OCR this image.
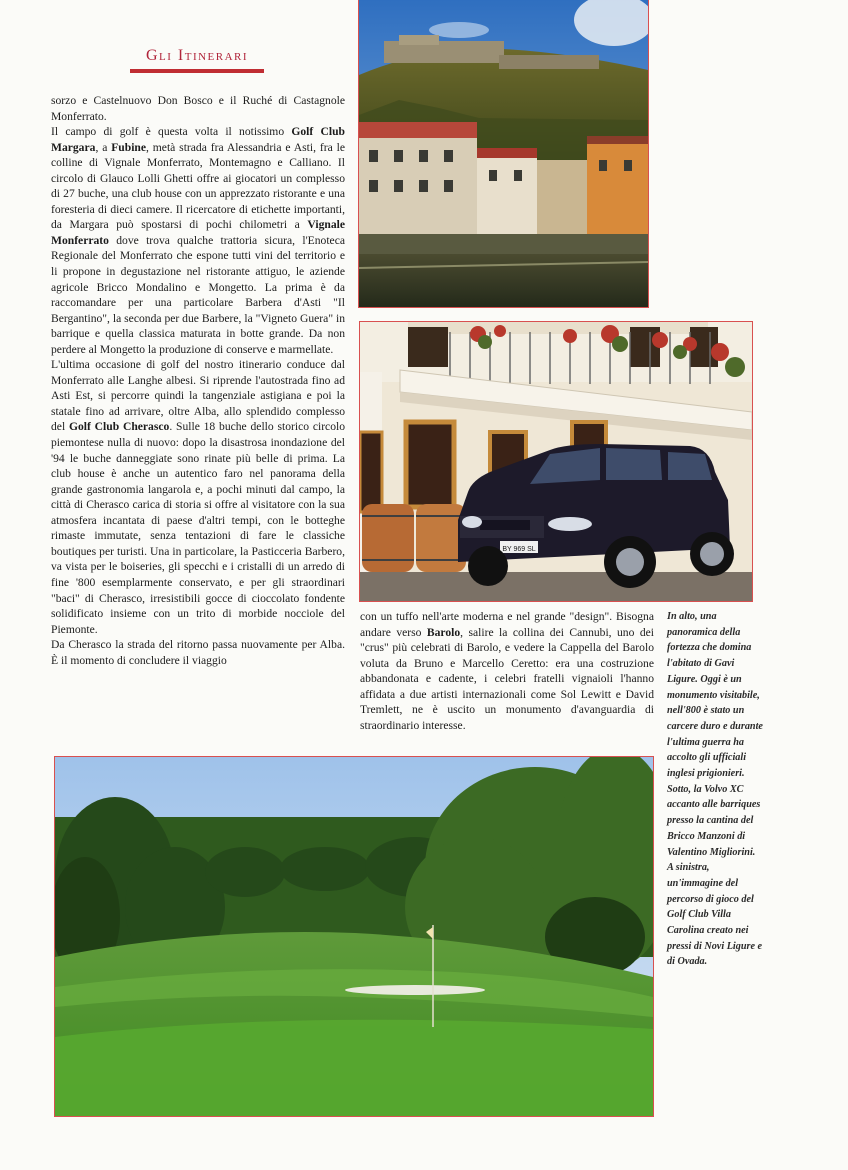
Gli Itinerari

sorzo e Castelnuovo Don Bosco e il Ruché di Castagnole Monferrato.

Il campo di golf è questa volta il notissimo Golf Club Margara, a Fubine, metà strada fra Alessandria e Asti, fra le colline di Vignale Monferrato, Montemagno e Calliano. Il circolo di Glauco Lolli Ghetti offre ai giocatori un complesso di 27 buche, una club house con un apprezzato ristorante e una foresteria di dieci camere. Il ricercatore di etichette importanti, da Margara può spostarsi di pochi chilometri a Vignale Monferrato dove trova qualche trattoria sicura, l'Enoteca Regionale del Monferrato che espone tutti vini del territorio e li propone in degustazione nel ristorante attiguo, le aziende agricole Bricco Mondalino e Mongetto. La prima è da raccomandare per una particolare Barbera d'Asti "Il Bergantino", la seconda per due Barbere, la "Vigneto Guera" in barrique e quella classica maturata in botte grande. Da non perdere al Mongetto la produzione di conserve e marmellate.

L'ultima occasione di golf del nostro itinerario conduce dal Monferrato alle Langhe albesi. Si riprende l'autostrada fino ad Asti Est, si percorre quindi la tangenziale astigiana e poi la statale fino ad arrivare, oltre Alba, allo splendido complesso del Golf Club Cherasco. Sulle 18 buche dello storico circolo piemontese nulla di nuovo: dopo la disastrosa inondazione del '94 le buche danneggiate sono rinate più belle di prima. La club house è anche un autentico faro nel panorama della grande gastronomia langarola e, a pochi minuti dal campo, la città di Cherasco carica di storia si offre al visitatore con la sua atmosfera incantata di paese d'altri tempi, con le botteghe rimaste immutate, senza tentazioni di fare le classiche boutiques per turisti. Una in particolare, la Pasticceria Barbero, va vista per le boiseries, gli specchi e i cristalli di un arredo di fine '800 esemplarmente conservato, e per gli straordinari "baci" di Cherasco, irresistibili gocce di cioccolato fondente solidificato insieme con un trito di morbide nocciole del Piemonte.

Da Cherasco la strada del ritorno passa nuovamente per Alba. È il momento di concludere il viaggio

BY 969 SL

con un tuffo nell'arte moderna e nel grande "design". Bisogna andare verso Barolo, salire la collina dei Cannubi, uno dei "crus" più celebrati di Barolo, e vedere la Cappella del Barolo voluta da Bruno e Marcello Ceretto: era una costruzione abbandonata e cadente, i celebri fratelli vignaioli l'hanno affidata a due artisti internazionali come Sol Lewitt e David Tremlett, ne è uscito un monumento d'avanguardia di straordinario interesse.

In alto, una panoramica della fortezza che domina l'abitato di Gavi Ligure. Oggi è un monumento visitabile, nell'800 è stato un carcere duro e durante l'ultima guerra ha accolto gli ufficiali inglesi prigionieri.

Sotto, la Volvo XC accanto alle barriques presso la cantina del Bricco Manzoni di Valentino Migliorini.

A sinistra, un'immagine del percorso di gioco del Golf Club Villa Carolina creato nei pressi di Novi Ligure e di Ovada.
